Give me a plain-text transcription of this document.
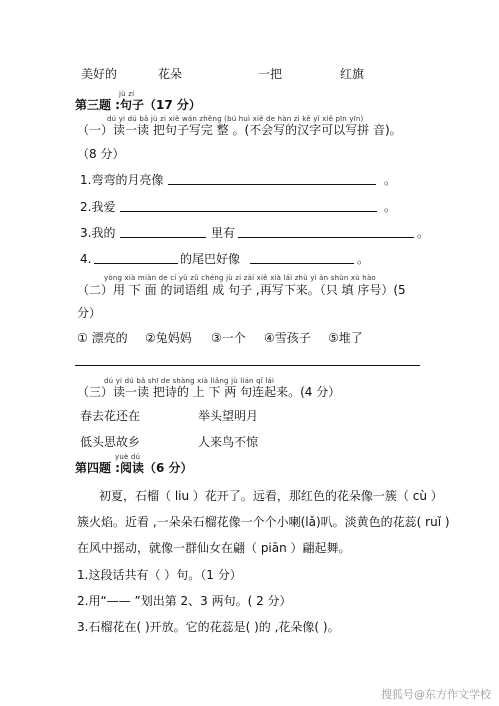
美好的	花朵	一把	红旗
jù zi
第三题 :句子（17 分）
dú yi dú bǎ jù zi xiě wán zhěng (bú huì xiě de hàn zì kě yǐ xiě pīn yīn)
（一）读一读 把句子写完 整 。(不会写的汉字可以写拼 音)。
（8 分）
1.弯弯的月亮像	。
2.我爱	。
3.我的	里有	。
4.	的尾巴好像	。
yòng xià miàn de cí yǔ zǔ chéng jù zi zài xiě xià lái zhù yì àn shùn xù hào
（二）用 下 面 的词语组 成 句子 ,再写下来。（只 填 序号）(5
分）
① 漂亮的 ②兔妈妈 ③一个 ④雪孩子 ⑤堆了
dú yi dú bǎ shī de shàng xià liǎng jù lián qǐ lái
（三）读一读 把诗的 上 下 两 句连起来。(4 分）
春去花还在	举头望明月
低头思故乡	人来鸟不惊
yuè dú
第四题 :阅读（6 分）
初夏，石榴（ liu ）花开了。远看，那红色的花朵像一簇（ cù ）
簇火焰。近看 ,一朵朵石榴花像一个个小喇(lǎ)叭。淡黄色的花蕊( ruǐ )
在风中摇动，就像一群仙女在翩（ piān ）翩起舞。
1.这段话共有（ ）句。（1 分）
2.用“—— ”划出第 2、3 两句。( 2 分）
3.石榴花在( )开放。它的花蕊是( )的 ,花朵像( )。
搜狐号@东方作文学校
